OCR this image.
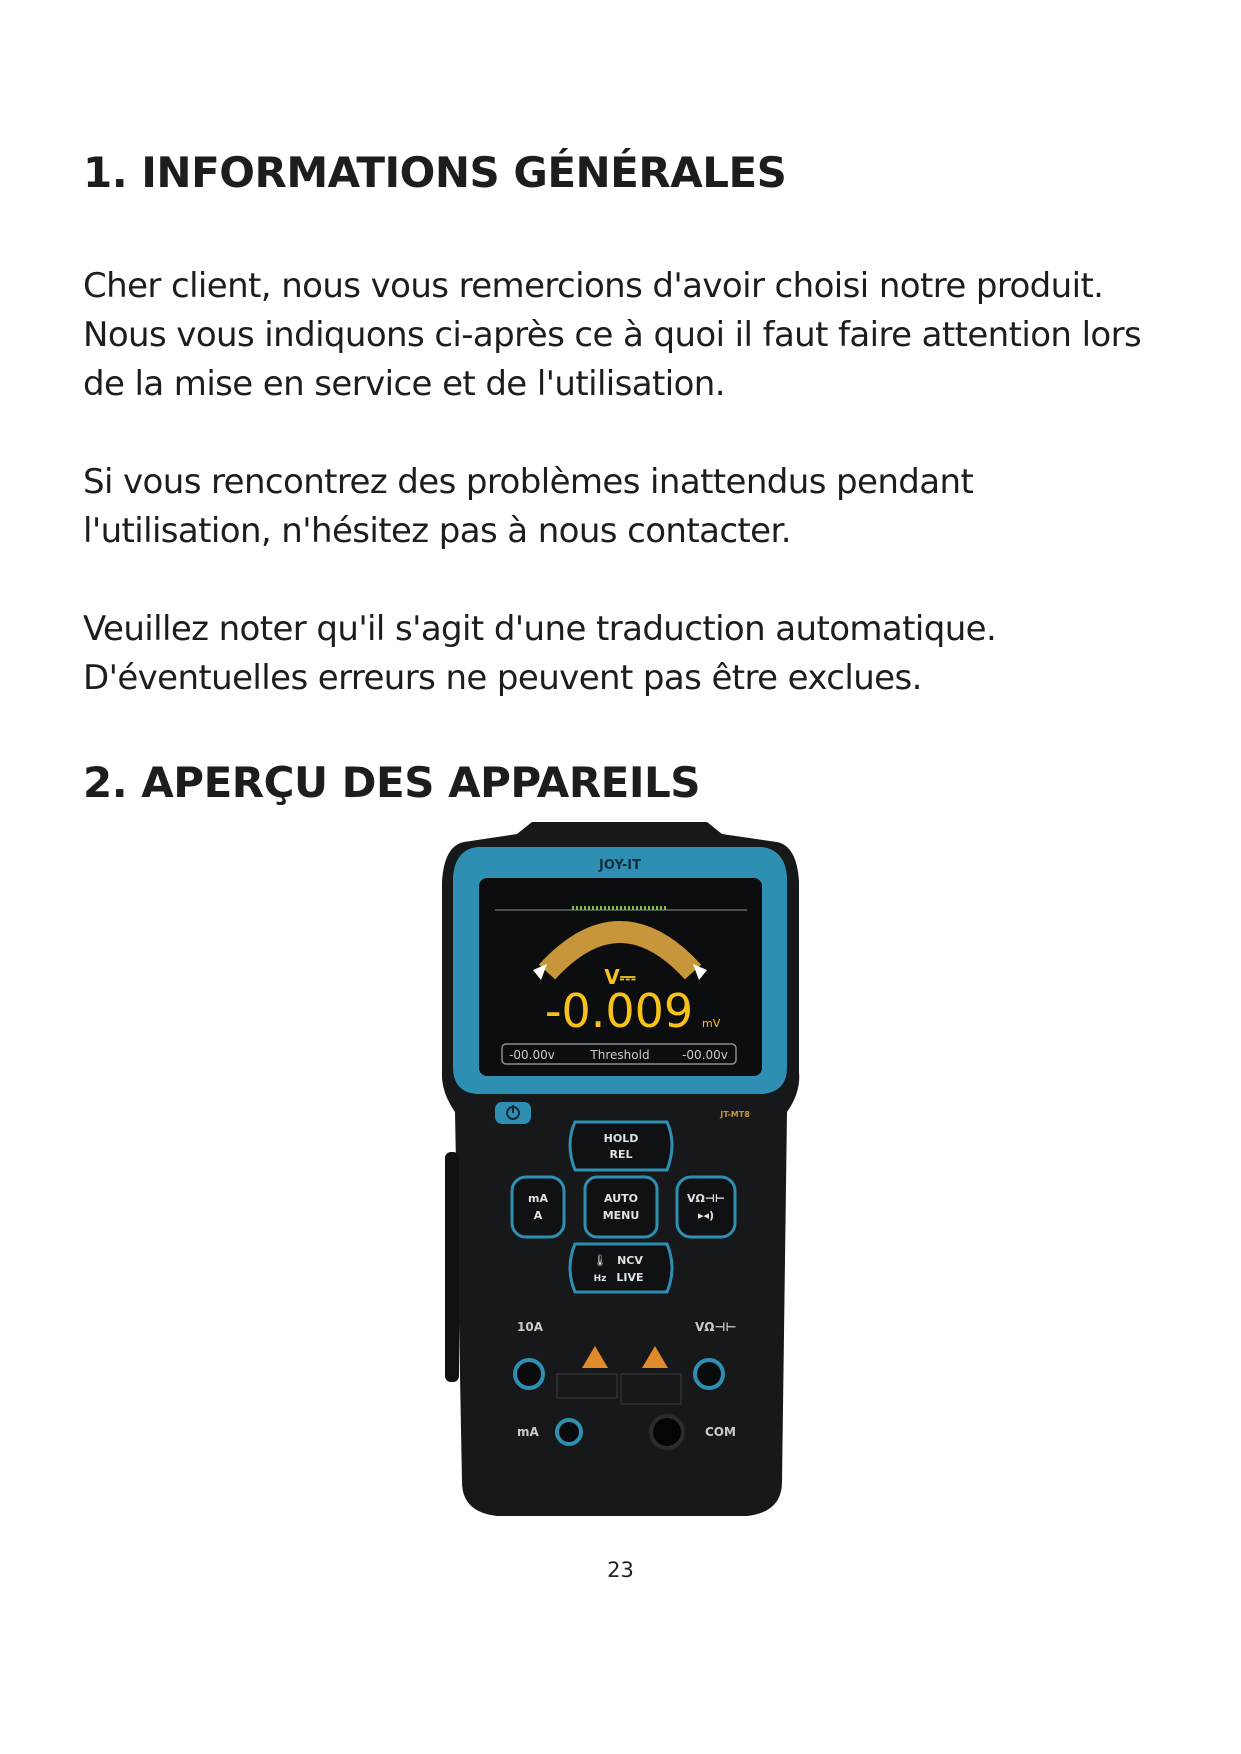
1. INFORMATIONS GÉNÉRALES

Cher client, nous vous remercions d'avoir choisi notre produit. Nous vous indiquons ci-après ce à quoi il faut faire attention lors de la mise en service et de l'utilisation.

Si vous rencontrez des problèmes inattendus pendant l'utilisation, n'hésitez pas à nous contacter.

Veuillez noter qu'il s'agit d'une traduction automatique. D'éventuelles erreurs ne peuvent pas être exclues.

2. APERÇU DES APPAREILS
JOY-IT
V⎓
-0.009 mV
-00.00v	Threshold	-00.00v
JT-MT8
HOLD
REL
mA
A
AUTO
MENU
VΩ⊣⊢
▸◂)
🌡
Hz
NCV
LIVE
10A	VΩ⊣⊢
mA	COM
23
